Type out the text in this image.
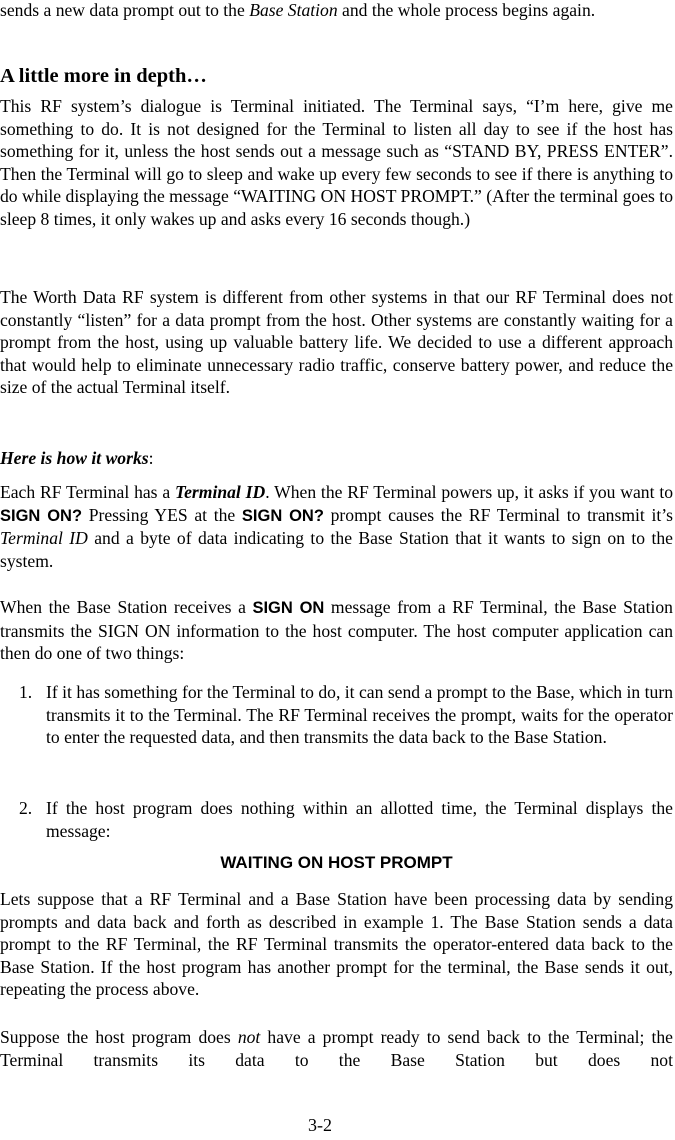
sends a new data prompt out to the Base Station and the whole process begins again.

A little more in depth…

This RF system’s dialogue is Terminal initiated. The Terminal says, “I’m here, give me something to do. It is not designed for the Terminal to listen all day to see if the host has something for it, unless the host sends out a message such as “STAND BY, PRESS ENTER”. Then the Terminal will go to sleep and wake up every few seconds to see if there is anything to do while displaying the message “WAITING ON HOST PROMPT.” (After the terminal goes to sleep 8 times, it only wakes up and asks every 16 seconds though.)

The Worth Data RF system is different from other systems in that our RF Terminal does not constantly “listen” for a data prompt from the host. Other systems are constantly waiting for a prompt from the host, using up valuable battery life. We decided to use a different approach that would help to eliminate unnecessary radio traffic, conserve battery power, and reduce the size of the actual Terminal itself.

Here is how it works:

Each RF Terminal has a Terminal ID. When the RF Terminal powers up, it asks if you want to SIGN ON? Pressing YES at the SIGN ON? prompt causes the RF Terminal to transmit it’s Terminal ID and a byte of data indicating to the Base Station that it wants to sign on to the system.

When the Base Station receives a SIGN ON message from a RF Terminal, the Base Station transmits the SIGN ON information to the host computer. The host computer application can then do one of two things:

1. If it has something for the Terminal to do, it can send a prompt to the Base, which in turn transmits it to the Terminal. The RF Terminal receives the prompt, waits for the operator to enter the requested data, and then transmits the data back to the Base Station.
2. If the host program does nothing within an allotted time, the Terminal displays the message:
WAITING ON HOST PROMPT

Lets suppose that a RF Terminal and a Base Station have been processing data by sending prompts and data back and forth as described in example 1. The Base Station sends a data prompt to the RF Terminal, the RF Terminal transmits the operator-entered data back to the Base Station. If the host program has another prompt for the terminal, the Base sends it out, repeating the process above.

Suppose the host program does not have a prompt ready to send back to the Terminal; the Terminal transmits its data to the Base Station but does not

3-2
